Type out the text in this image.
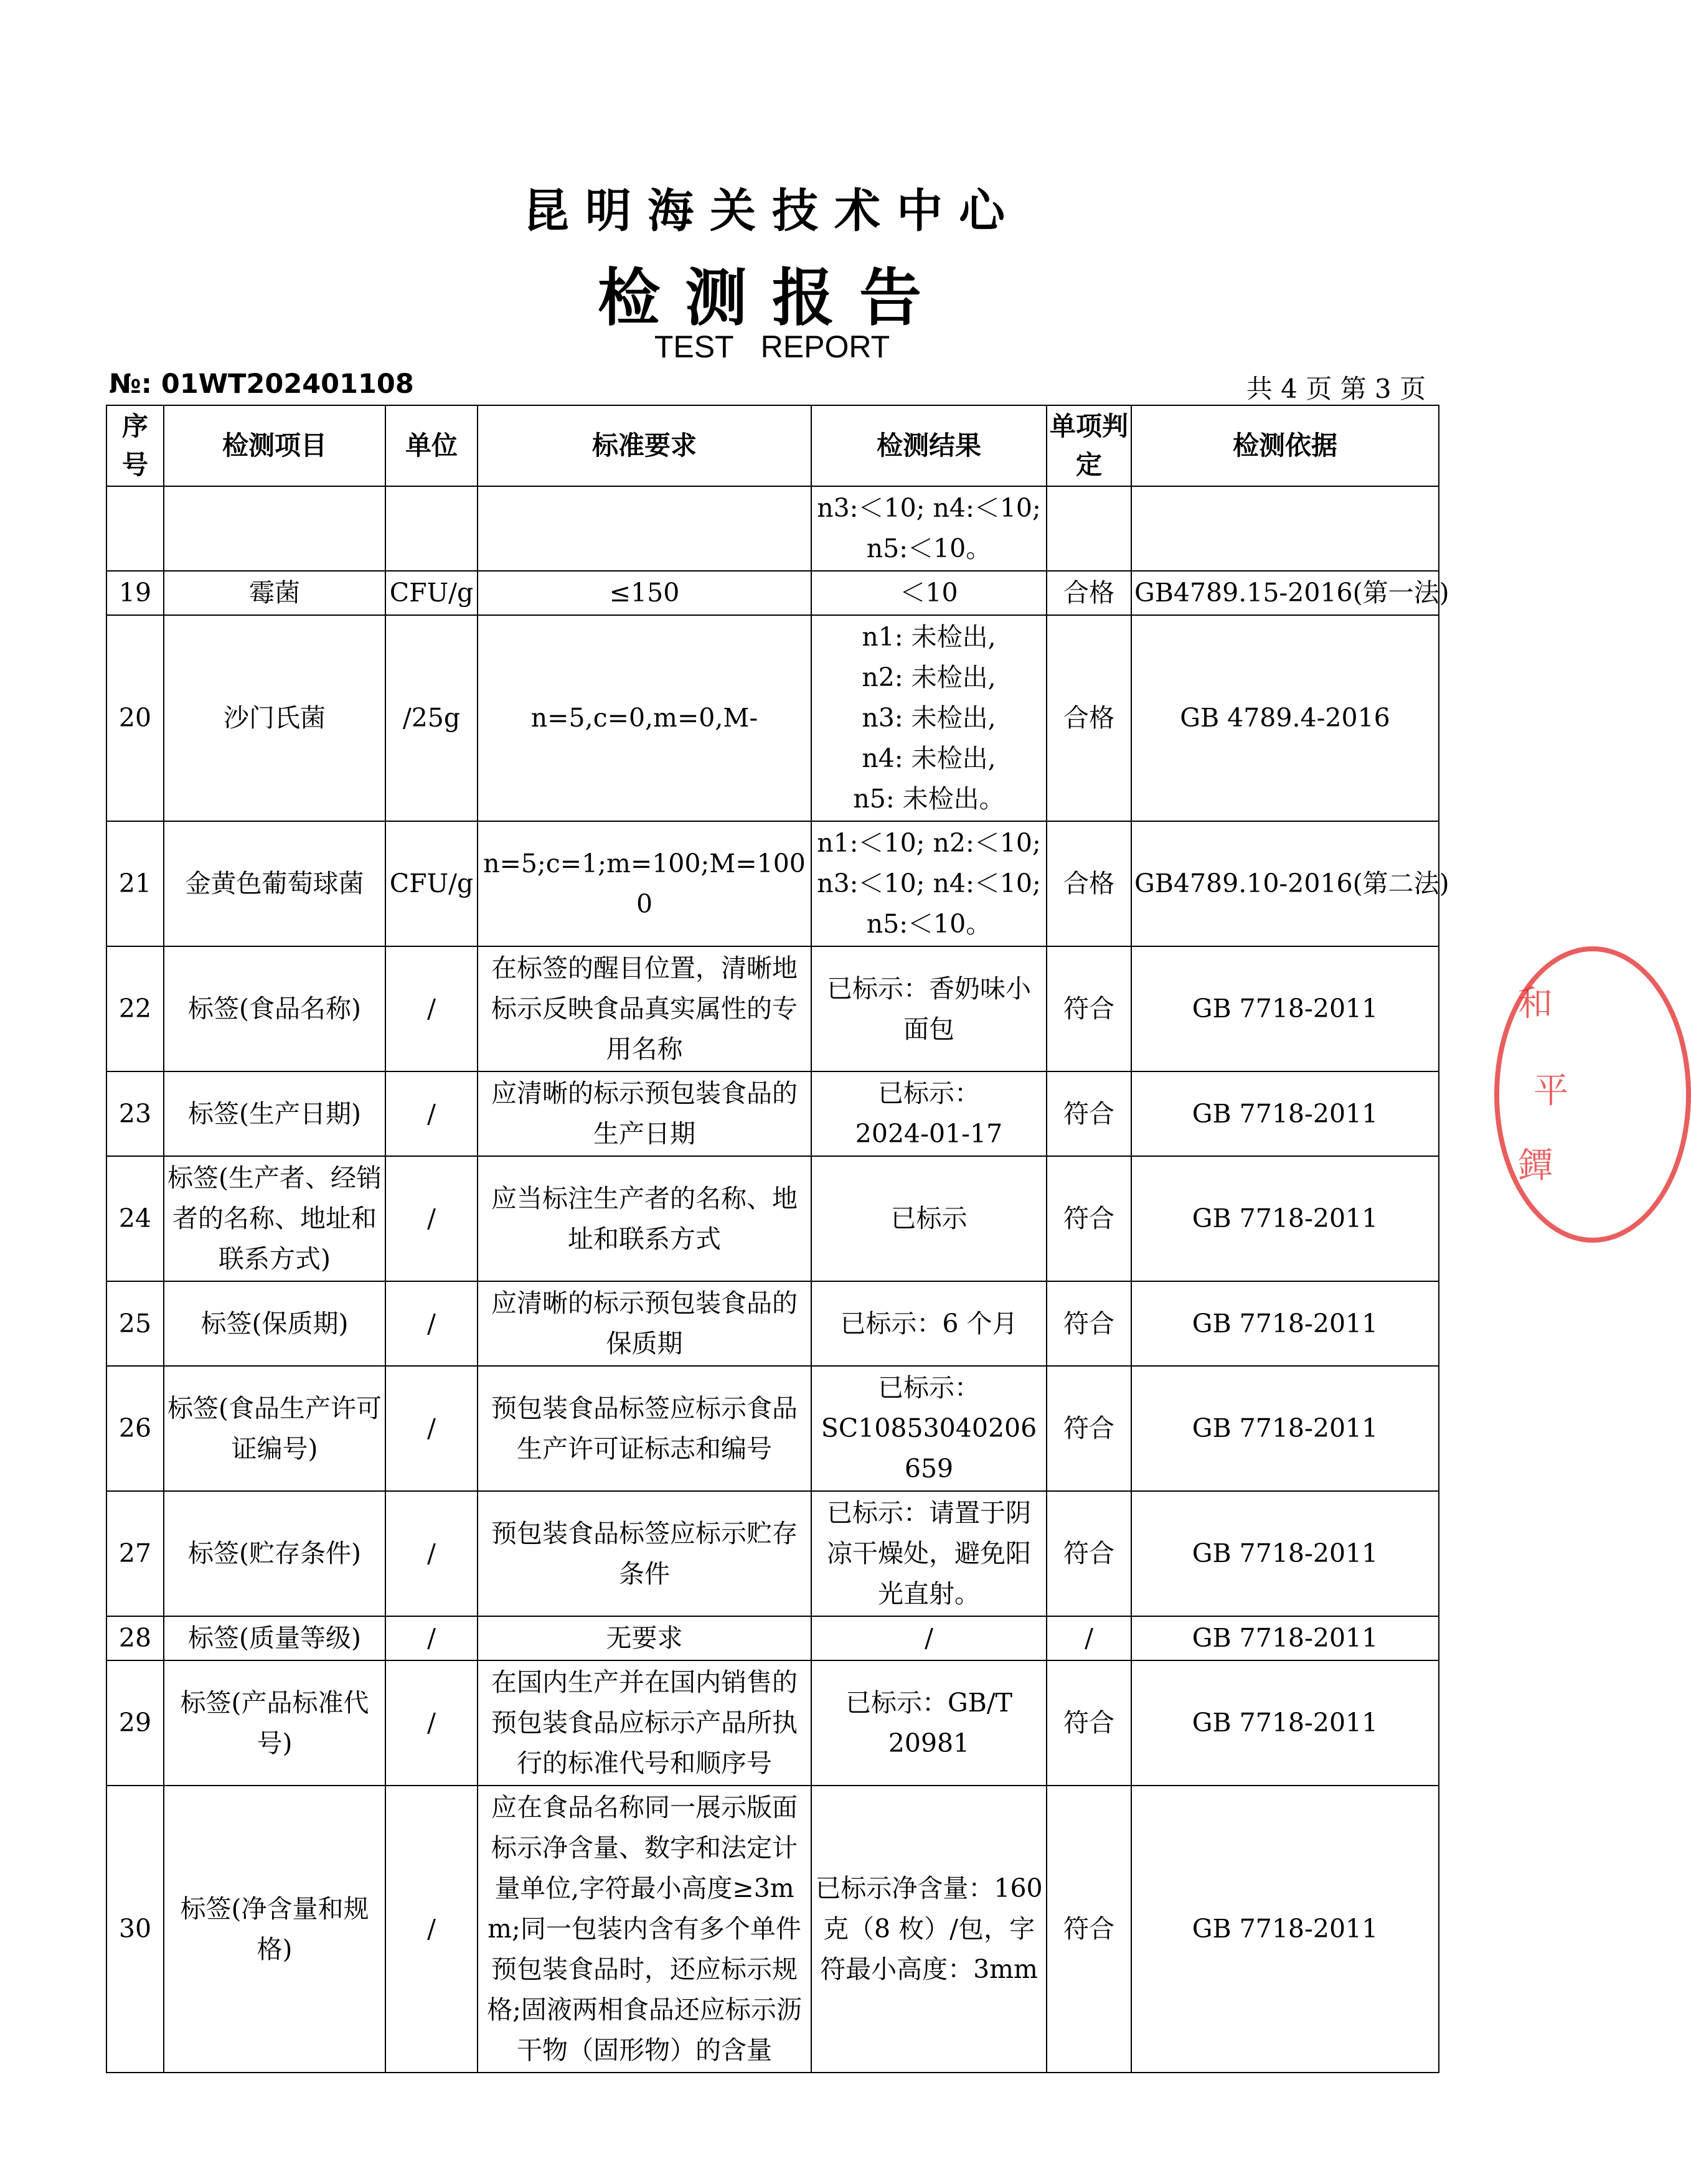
昆明海关技术中心
检测报告
TEST REPORT
№: 01WT202401108	共 4 页 第 3 页
序号	检测项目	单位	标准要求	检测结果	单项判定	检测依据
				n3:＜10; n4:＜10;
n5:＜10。		
19	霉菌	CFU/g	≤150	＜10	合格	GB4789.15-2016(第一法)
20	沙门氏菌	/25g	n=5,c=0,m=0,M-	n1: 未检出,
n2: 未检出,
n3: 未检出,
n4: 未检出,
n5: 未检出。	合格	GB 4789.4-2016
21	金黄色葡萄球菌	CFU/g	n=5;c=1;m=100;M=1000	n1:＜10; n2:＜10;
n3:＜10; n4:＜10;
n5:＜10。	合格	GB4789.10-2016(第二法)
22	标签(食品名称)	/	在标签的醒目位置，清晰地标示反映食品真实属性的专用名称	已标示：香奶味小面包	符合	GB 7718-2011
23	标签(生产日期)	/	应清晰的标示预包装食品的生产日期	已标示：
2024-01-17	符合	GB 7718-2011
24	标签(生产者、经销者的名称、地址和联系方式)	/	应当标注生产者的名称、地址和联系方式	已标示	符合	GB 7718-2011
25	标签(保质期)	/	应清晰的标示预包装食品的保质期	已标示：6 个月	符合	GB 7718-2011
26	标签(食品生产许可证编号)	/	预包装食品标签应标示食品生产许可证标志和编号	已标示：
SC10853040206659	符合	GB 7718-2011
27	标签(贮存条件)	/	预包装食品标签应标示贮存条件	已标示：请置于阴凉干燥处，避免阳光直射。	符合	GB 7718-2011
28	标签(质量等级)	/	无要求	/	/	GB 7718-2011
29	标签(产品标准代号)	/	在国内生产并在国内销售的预包装食品应标示产品所执行的标准代号和顺序号	已标示：GB/T
20981	符合	GB 7718-2011
30	标签(净含量和规格)	/	应在食品名称同一展示版面标示净含量、数字和法定计量单位,字符最小高度≥3mm;同一包装内含有多个单件预包装食品时，还应标示规格;固液两相食品还应标示沥干物（固形物）的含量	已标示净含量：160克（8 枚）/包，字符最小高度：3mm	符合	GB 7718-2011
和
平
鐔
